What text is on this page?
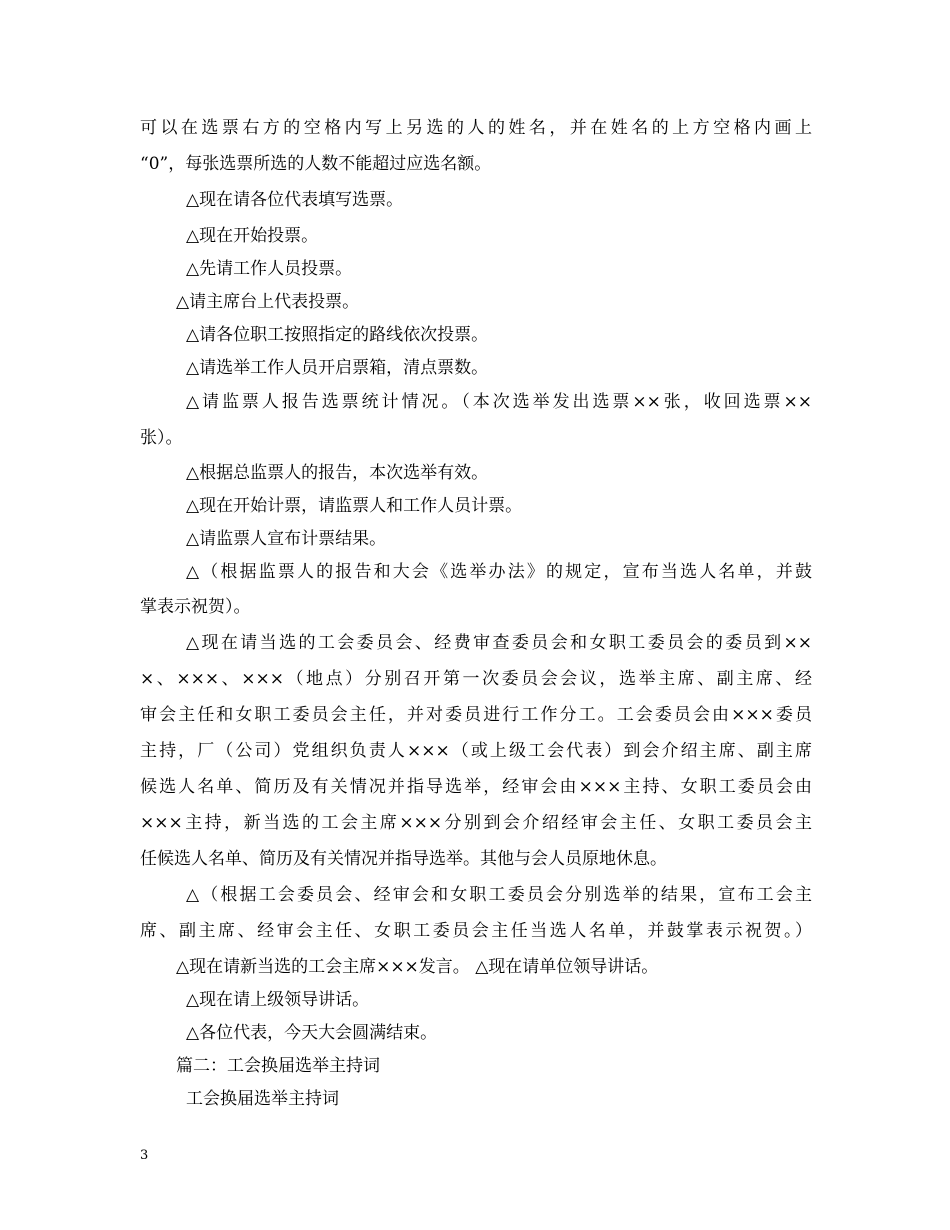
可以在选票右方的空格内写上另选的人的姓名，并在姓名的上方空格内画上
“0”，每张选票所选的人数不能超过应选名额。
△现在请各位代表填写选票。
△现在开始投票。
△先请工作人员投票。
△请主席台上代表投票。
△请各位职工按照指定的路线依次投票。
△请选举工作人员开启票箱，清点票数。
△请监票人报告选票统计情况。（本次选举发出选票××张，收回选票××
张）。
△根据总监票人的报告，本次选举有效。
△现在开始计票，请监票人和工作人员计票。
△请监票人宣布计票结果。
△（根据监票人的报告和大会《选举办法》的规定，宣布当选人名单，并鼓
掌表示祝贺）。
△现在请当选的工会委员会、经费审查委员会和女职工委员会的委员到××
×、×××、×××（地点）分别召开第一次委员会会议，选举主席、副主席、经
审会主任和女职工委员会主任，并对委员进行工作分工。工会委员会由×××委员
主持，厂（公司）党组织负责人×××（或上级工会代表）到会介绍主席、副主席
候选人名单、简历及有关情况并指导选举，经审会由×××主持、女职工委员会由
×××主持，新当选的工会主席×××分别到会介绍经审会主任、女职工委员会主
任候选人名单、简历及有关情况并指导选举。其他与会人员原地休息。
△（根据工会委员会、经审会和女职工委员会分别选举的结果，宣布工会主
席、副主席、经审会主任、女职工委员会主任当选人名单，并鼓掌表示祝贺。）
△现在请新当选的工会主席×××发言。 △现在请单位领导讲话。
△现在请上级领导讲话。
△各位代表，今天大会圆满结束。
篇二：工会换届选举主持词
工会换届选举主持词
3
